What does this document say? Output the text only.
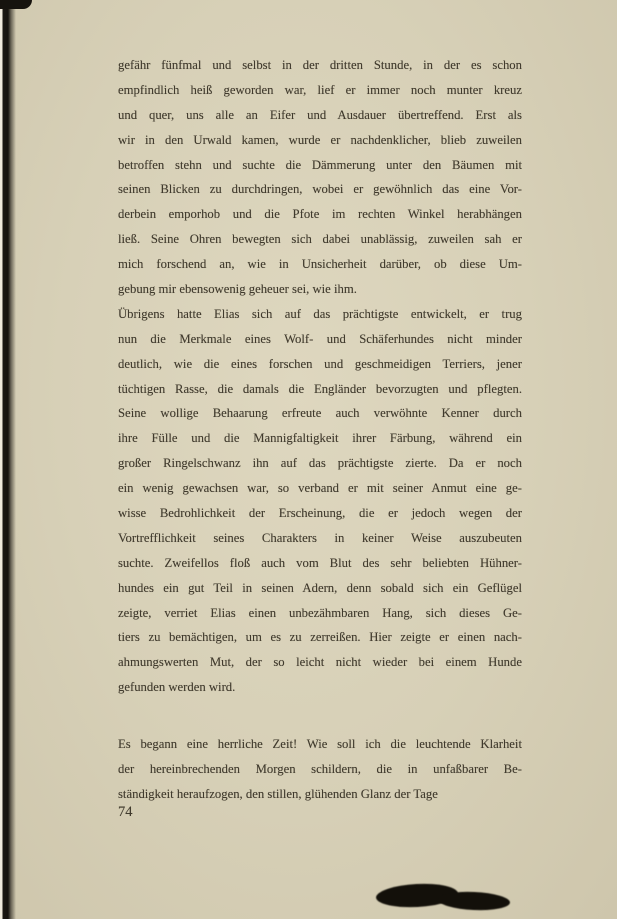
gefähr fünfmal und selbst in der dritten Stunde, in der es schon
empfindlich heiß geworden war, lief er immer noch munter kreuz
und quer, uns alle an Eifer und Ausdauer übertreffend. Erst als
wir in den Urwald kamen, wurde er nachdenklicher, blieb zuweilen
betroffen stehn und suchte die Dämmerung unter den Bäumen mit
seinen Blicken zu durchdringen, wobei er gewöhnlich das eine Vor-
derbein emporhob und die Pfote im rechten Winkel herabhängen
ließ. Seine Ohren bewegten sich dabei unablässig, zuweilen sah er
mich forschend an, wie in Unsicherheit darüber, ob diese Um-
gebung mir ebensowenig geheuer sei, wie ihm.
Übrigens hatte Elias sich auf das prächtigste entwickelt, er trug
nun die Merkmale eines Wolf- und Schäferhundes nicht minder
deutlich, wie die eines forschen und geschmeidigen Terriers, jener
tüchtigen Rasse, die damals die Engländer bevorzugten und pflegten.
Seine wollige Behaarung erfreute auch verwöhnte Kenner durch
ihre Fülle und die Mannigfaltigkeit ihrer Färbung, während ein
großer Ringelschwanz ihn auf das prächtigste zierte. Da er noch
ein wenig gewachsen war, so verband er mit seiner Anmut eine ge-
wisse Bedrohlichkeit der Erscheinung, die er jedoch wegen der
Vortrefflichkeit seines Charakters in keiner Weise auszubeuten
suchte. Zweifellos floß auch vom Blut des sehr beliebten Hühner-
hundes ein gut Teil in seinen Adern, denn sobald sich ein Geflügel
zeigte, verriet Elias einen unbezähmbaren Hang, sich dieses Ge-
tiers zu bemächtigen, um es zu zerreißen. Hier zeigte er einen nach-
ahmungswerten Mut, der so leicht nicht wieder bei einem Hunde
gefunden werden wird.
Es begann eine herrliche Zeit! Wie soll ich die leuchtende Klarheit
der hereinbrechenden Morgen schildern, die in unfaßbarer Be-
ständigkeit heraufzogen, den stillen, glühenden Glanz der Tage
74
